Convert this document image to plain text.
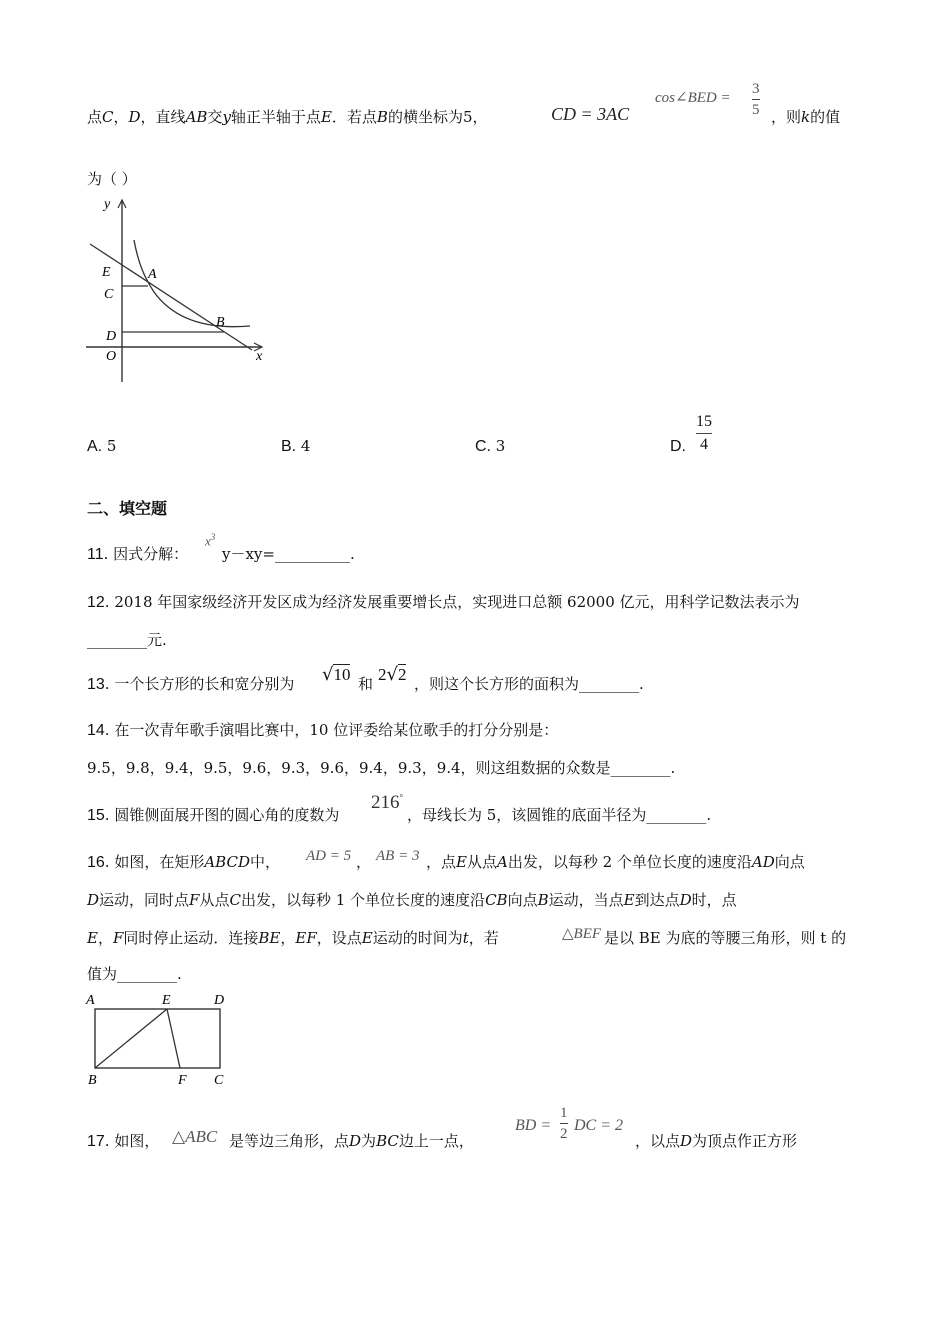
点C，D，直线AB交y轴正半轴于点E．若点B的横坐标为5，	CD = 3AC
cos∠BED =
3
5 ，则k的值
为（ ）
y
x
E	A
C
D
O
B
A. 5	B. 4	C. 3	D.
15
4
二、填空题
11. 因式分解：
$x^3$
y－xy=__________.
12. 2018 年国家级经济开发区成为经济发展重要增长点，实现进口总额 62000 亿元，用科学记数法表示为
________元.
13. 一个长方形的长和宽分别为 √10 和 2√2 ，则这个长方形的面积为________.
14. 在一次青年歌手演唱比赛中，10 位评委给某位歌手的打分分别是：
9.5，9.8，9.4，9.5，9.6，9.3，9.6，9.4，9.3，9.4，则这组数据的众数是________.
15. 圆锥侧面展开图的圆心角的度数为
216°
，母线长为 5，该圆锥的底面半径为________.
16. 如图，在矩形ABCD中， AD = 5 ， AB = 3 ，点E从点A出发，以每秒 2 个单位长度的速度沿AD向点
D运动，同时点F从点C出发，以每秒 1 个单位长度的速度沿CB向点B运动，当点E到达点D时，点
E，F同时停止运动．连接BE，EF，设点E运动的时间为t，若	△BEF 是以 BE 为底的等腰三角形，则 t 的
值为________.
A	E	D
B	F C
17. 如图， △ABC 是等边三角形，点D为BC边上一点，
BD =
1
2 DC = 2
，以点D为顶点作正方形
